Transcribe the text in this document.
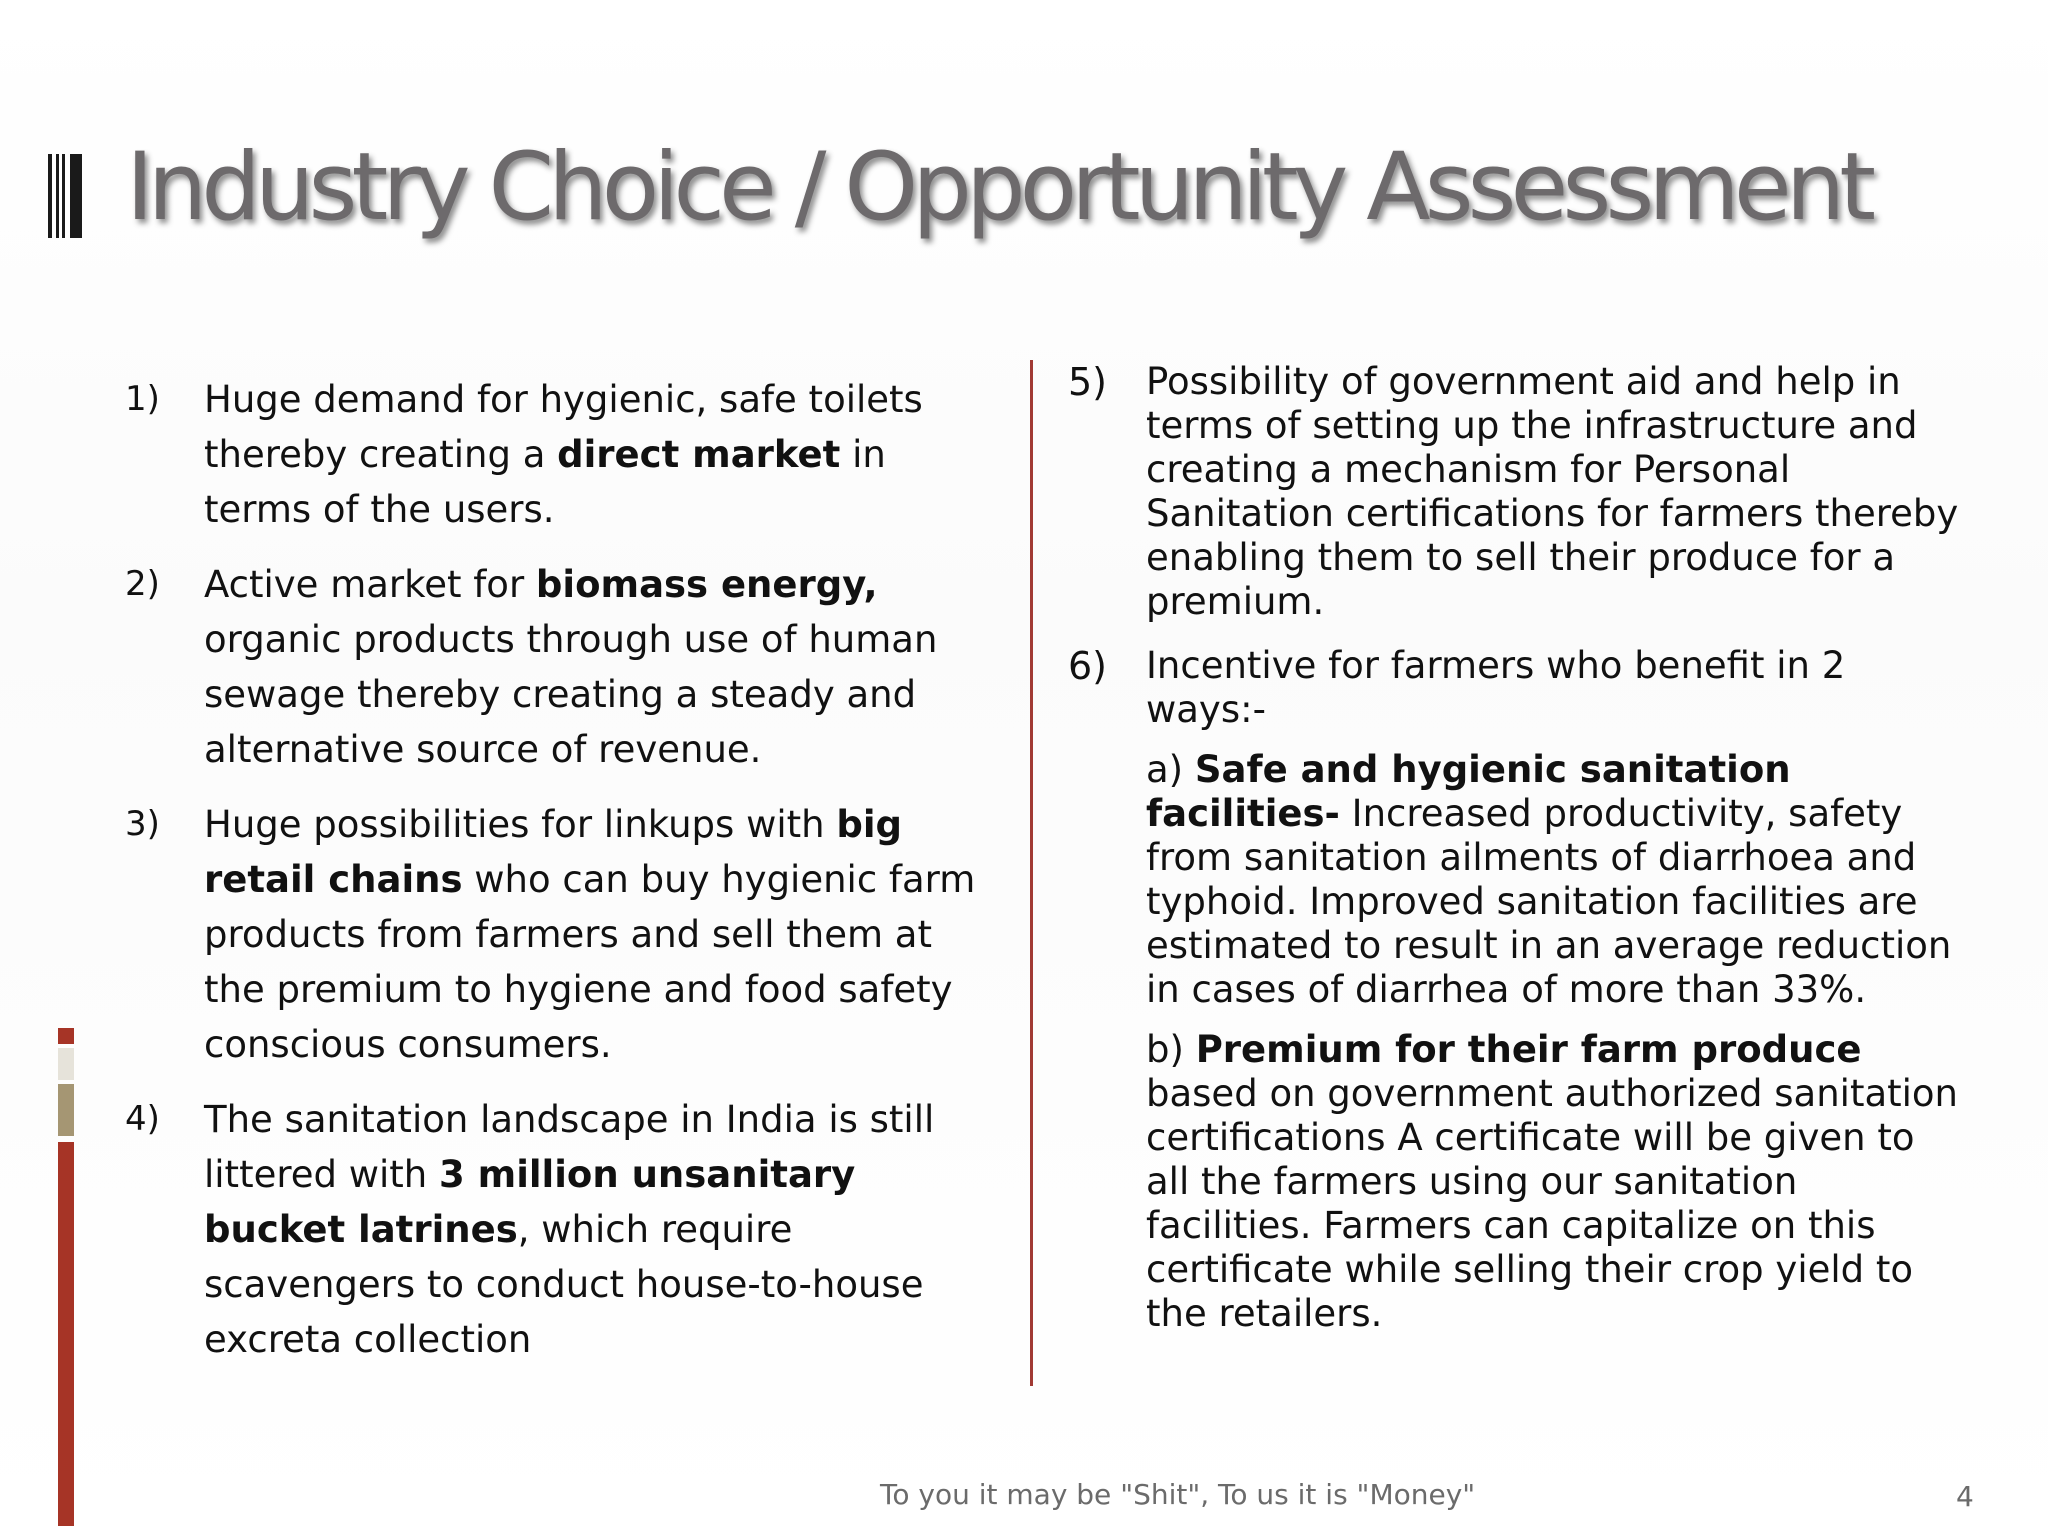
Industry Choice / Opportunity Assessment
1) Huge demand for hygienic, safe toilets thereby creating a direct market in terms of the users.
2) Active market for biomass energy, organic products through use of human sewage thereby creating a steady and alternative source of revenue.
3) Huge possibilities for linkups with big retail chains who can buy hygienic farm products from farmers and sell them at the premium to hygiene and food safety conscious consumers.
4) The sanitation landscape in India is still littered with 3 million unsanitary bucket latrines, which require scavengers to conduct house-to-house excreta collection
5) Possibility of government aid and help in terms of setting up the infrastructure and creating a mechanism for Personal Sanitation certifications for farmers thereby enabling them to sell their produce for a premium.
6) Incentive for farmers who benefit in 2 ways:-
a) Safe and hygienic sanitation facilities- Increased productivity, safety from sanitation ailments of diarrhoea and typhoid. Improved sanitation facilities are estimated to result in an average reduction in cases of diarrhea of more than 33%.
b) Premium for their farm produce based on government authorized sanitation certifications A certificate will be given to all the farmers using our sanitation facilities. Farmers can capitalize on this certificate while selling their crop yield to the retailers.
To you it may be "Shit", To us it is "Money"	4
